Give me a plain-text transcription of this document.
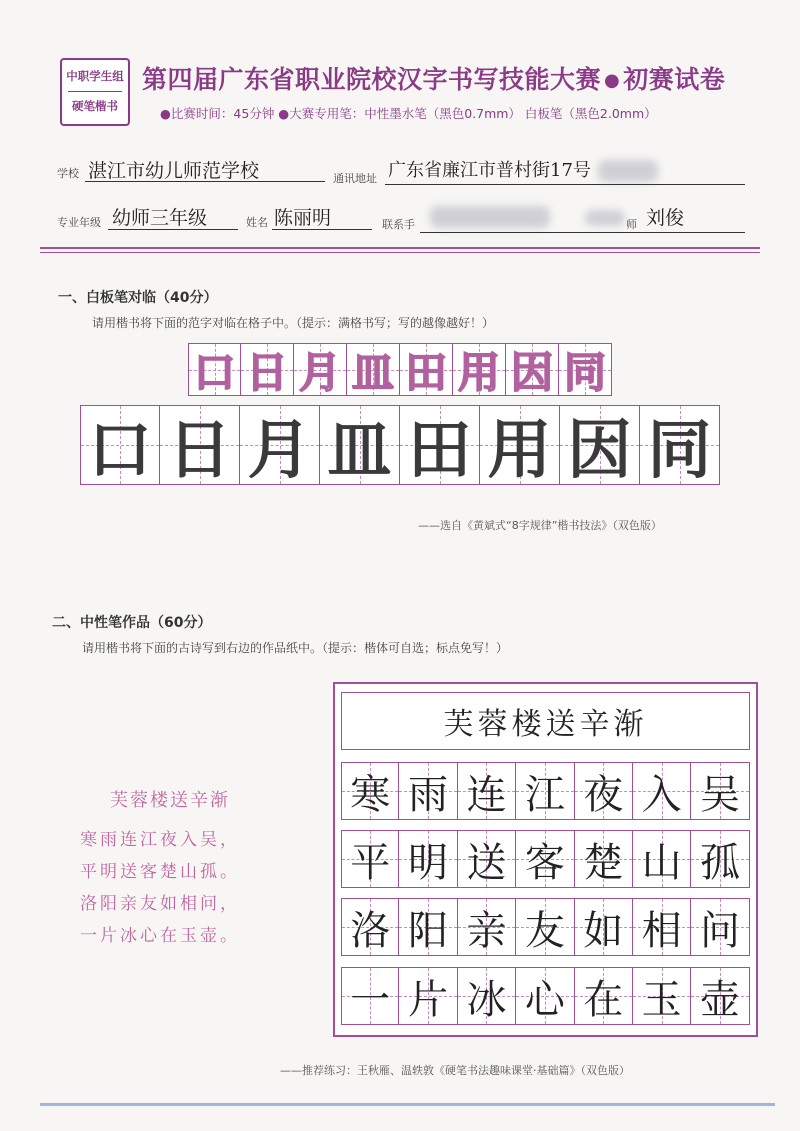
中职学生组
硬笔楷书
第四届广东省职业院校汉字书写技能大赛 ● 初赛试卷
●比赛时间：45分钟 ●大赛专用笔：中性墨水笔（黑色0.7mm） 白板笔（黑色2.0mm）
学校 湛江市幼儿师范学校	通讯地址 广东省廉江市普村街17号
专业年级 幼师三年级	姓名 陈丽明	联系手	师 刘俊
一、白板笔对临（40分）
请用楷书将下面的范字对临在格子中。（提示：满格书写；写的越像越好！）
口 日 月 皿 田 用 因 同
口 日 月 皿 田 用 因 同
——选自《黄斌式“8字规律”楷书技法》（双色版）
二、中性笔作品（60分）
请用楷书将下面的古诗写到右边的作品纸中。（提示：楷体可自选；标点免写！）
芙蓉楼送辛渐
寒雨连江夜入吴，
平明送客楚山孤。
洛阳亲友如相问，
一片冰心在玉壶。
芙蓉楼送辛渐
寒 雨 连 江 夜 入 吴
平 明 送 客 楚 山 孤
洛 阳 亲 友 如 相 问
一 片 冰 心 在 玉 壶
——推荐练习：王秋雁、温轶敦《硬笔书法趣味课堂·基础篇》（双色版）
